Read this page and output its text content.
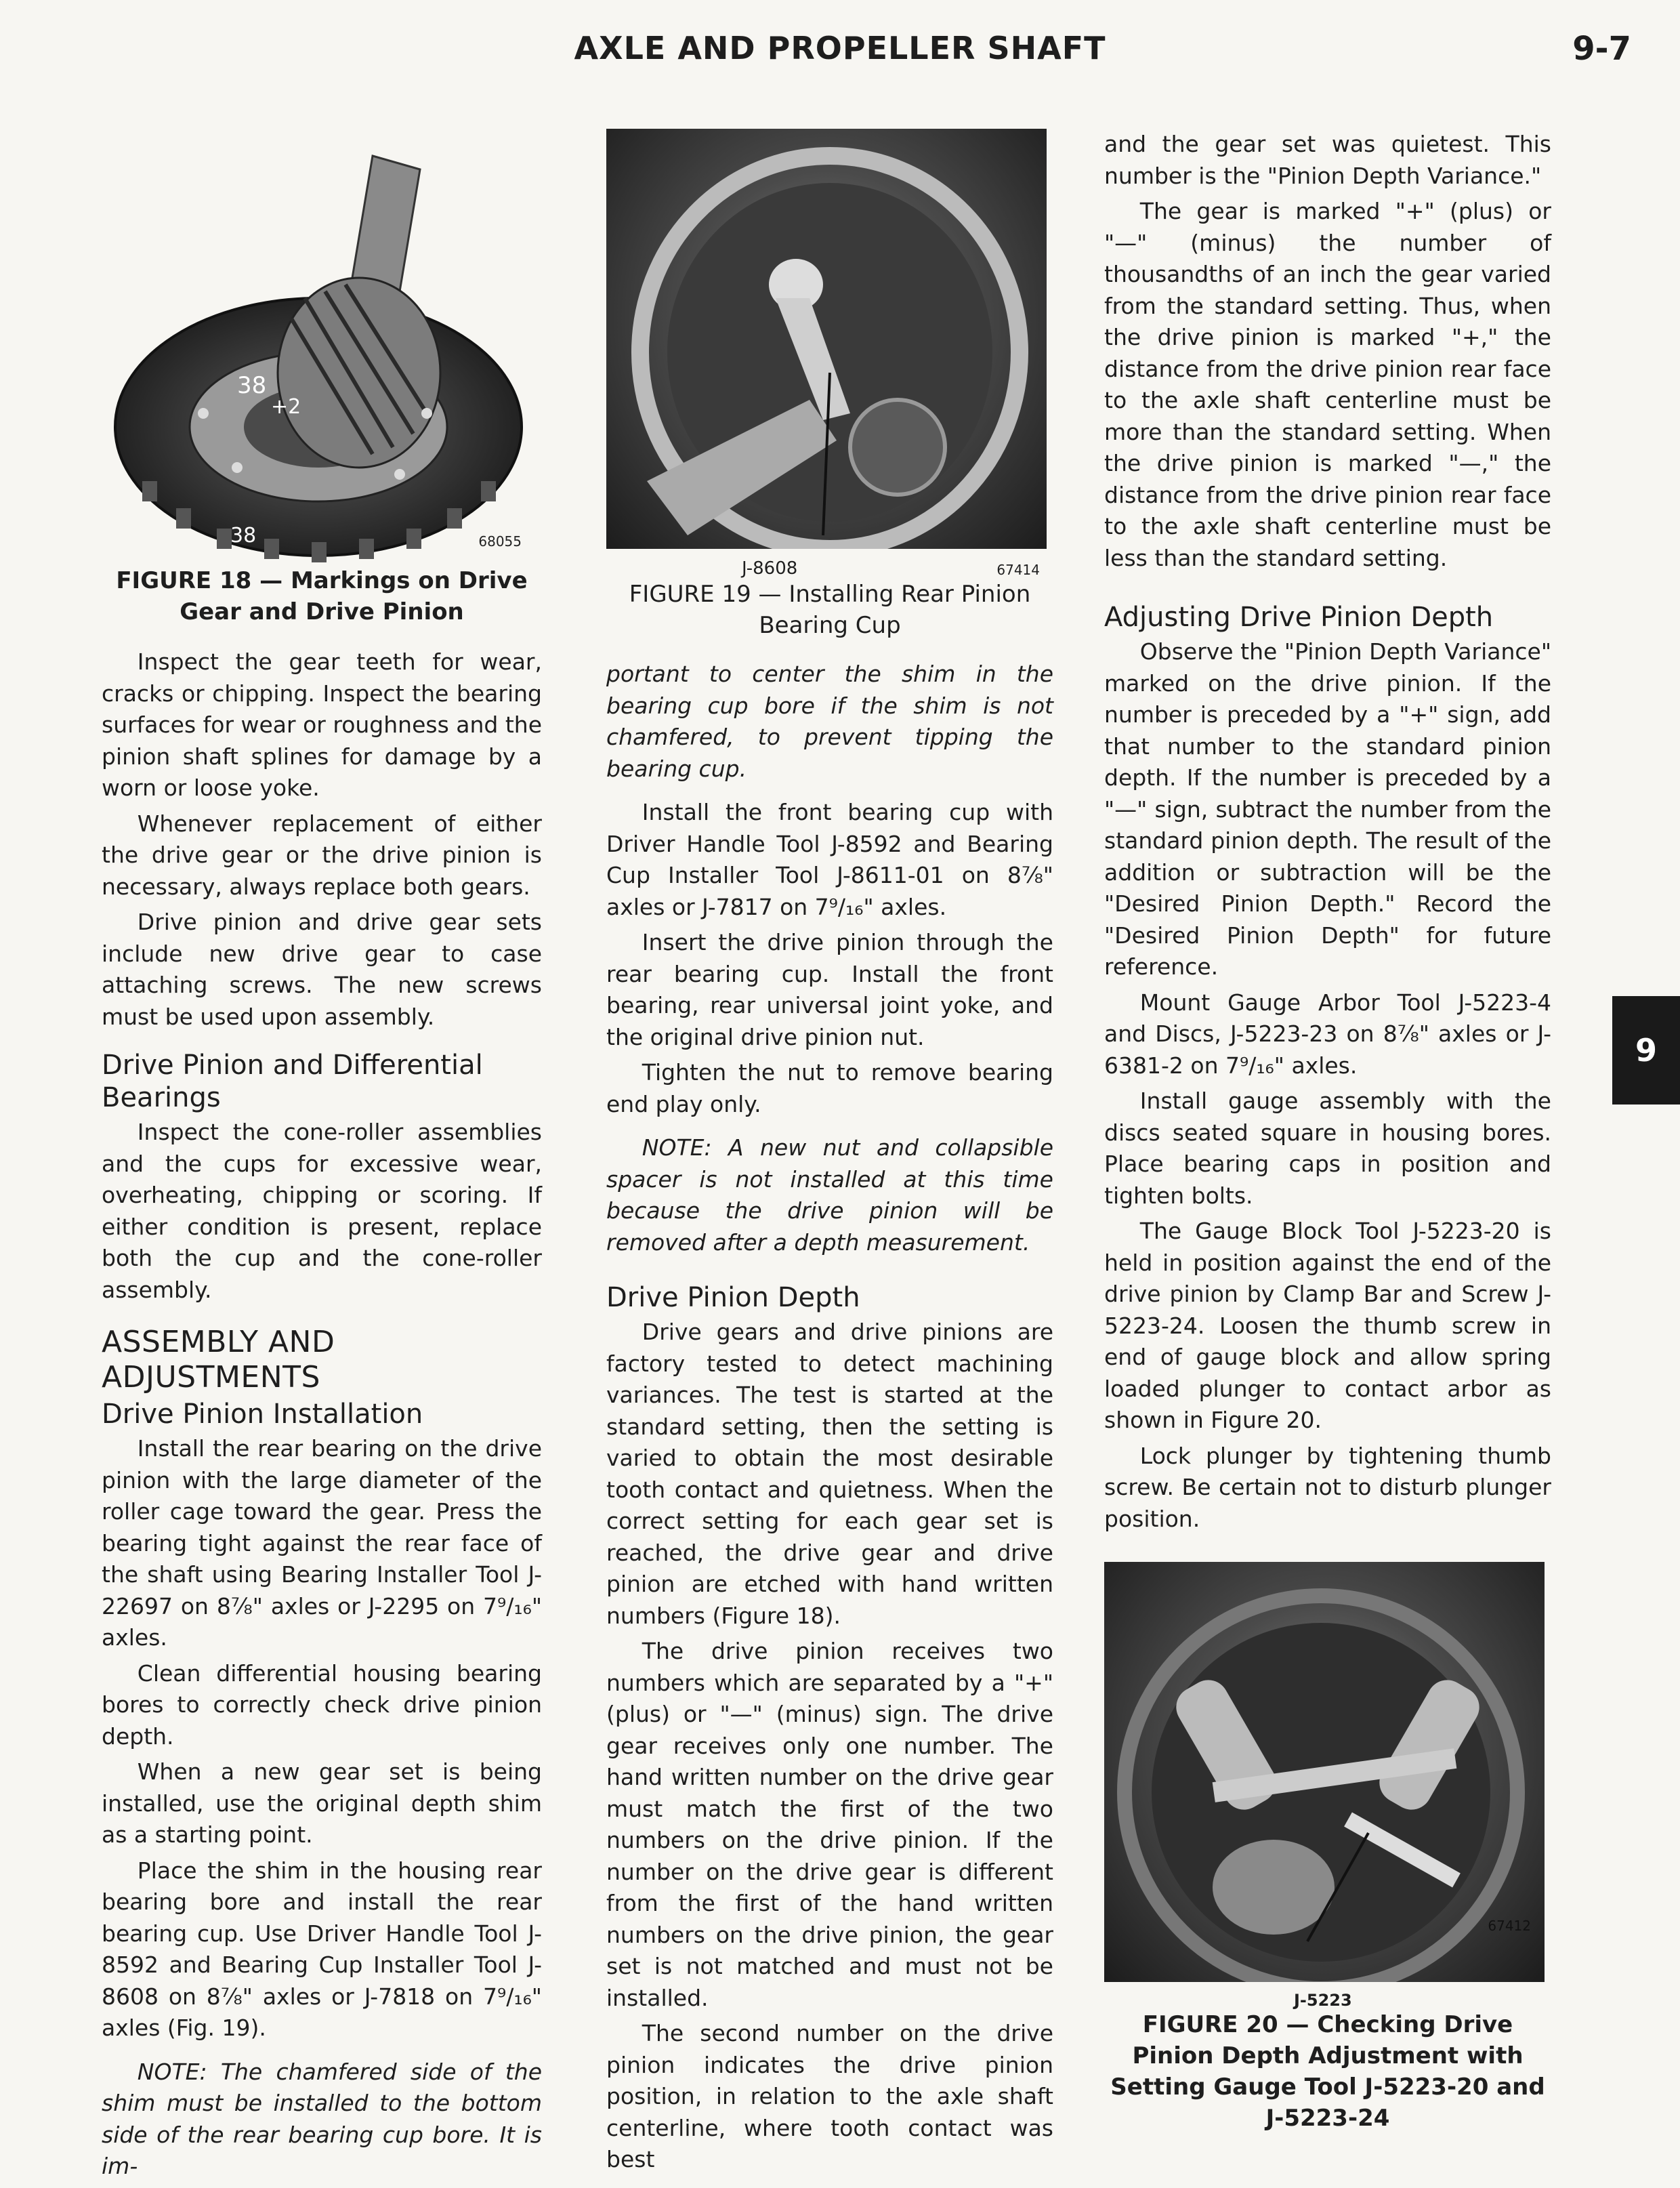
AXLE AND PROPELLER SHAFT	9-7
38
+2
38	68055
FIGURE 18 — Markings on Drive Gear and Drive Pinion

Inspect the gear teeth for wear, cracks or chipping. Inspect the bearing surfaces for wear or roughness and the pinion shaft splines for damage by a worn or loose yoke.

Whenever replacement of either the drive gear or the drive pinion is necessary, always replace both gears.

Drive pinion and drive gear sets include new drive gear to case attaching screws. The new screws must be used upon assembly.

Drive Pinion and Differential Bearings

Inspect the cone-roller assemblies and the cups for excessive wear, overheating, chipping or scoring. If either condition is present, replace both the cup and the cone-roller assembly.

ASSEMBLY AND ADJUSTMENTS
Drive Pinion Installation

Install the rear bearing on the drive pinion with the large diameter of the roller cage toward the gear. Press the bearing tight against the rear face of the shaft using Bearing Installer Tool J-22697 on 8⅞" axles or J-2295 on 7⁹/₁₆" axles.

Clean differential housing bearing bores to correctly check drive pinion depth.

When a new gear set is being installed, use the original depth shim as a starting point.

Place the shim in the housing rear bearing bore and install the rear bearing cup. Use Driver Handle Tool J-8592 and Bearing Cup Installer Tool J-8608 on 8⅞" axles or J-7818 on 7⁹/₁₆" axles (Fig. 19).

NOTE: The chamfered side of the shim must be installed to the bottom side of the rear bearing cup bore. It is im-

J-8608	67414
FIGURE 19 — Installing Rear Pinion Bearing Cup

portant to center the shim in the bearing cup bore if the shim is not chamfered, to prevent tipping the bearing cup.

Install the front bearing cup with Driver Handle Tool J-8592 and Bearing Cup Installer Tool J-8611-01 on 8⅞" axles or J-7817 on 7⁹/₁₆" axles.

Insert the drive pinion through the rear bearing cup. Install the front bearing, rear universal joint yoke, and the original drive pinion nut.

Tighten the nut to remove bearing end play only.

NOTE: A new nut and collapsible spacer is not installed at this time because the drive pinion will be removed after a depth measurement.

Drive Pinion Depth

Drive gears and drive pinions are factory tested to detect machining variances. The test is started at the standard setting, then the setting is varied to obtain the most desirable tooth contact and quietness. When the correct setting for each gear set is reached, the drive gear and drive pinion are etched with hand written numbers (Figure 18).

The drive pinion receives two numbers which are separated by a "+" (plus) or "—" (minus) sign. The drive gear receives only one number. The hand written number on the drive gear must match the first of the two numbers on the drive pinion. If the number on the drive gear is different from the first of the hand written numbers on the drive pinion, the gear set is not matched and must not be installed.

The second number on the drive pinion indicates the drive pinion position, in relation to the axle shaft centerline, where tooth contact was best

and the gear set was quietest. This number is the "Pinion Depth Variance."

The gear is marked "+" (plus) or "—" (minus) the number of thousandths of an inch the gear varied from the standard setting. Thus, when the drive pinion is marked "+," the distance from the drive pinion rear face to the axle shaft centerline must be more than the standard setting. When the drive pinion is marked "—," the distance from the drive pinion rear face to the axle shaft centerline must be less than the standard setting.

Adjusting Drive Pinion Depth

Observe the "Pinion Depth Variance" marked on the drive pinion. If the number is preceded by a "+" sign, add that number to the standard pinion depth. If the number is preceded by a "—" sign, subtract the number from the standard pinion depth. The result of the addition or subtraction will be the "Desired Pinion Depth." Record the "Desired Pinion Depth" for future reference.

Mount Gauge Arbor Tool J-5223-4 and Discs, J-5223-23 on 8⅞" axles or J-6381-2 on 7⁹/₁₆" axles.

Install gauge assembly with the discs seated square in housing bores. Place bearing caps in position and tighten bolts.

The Gauge Block Tool J-5223-20 is held in position against the end of the drive pinion by Clamp Bar and Screw J-5223-24. Loosen the thumb screw in end of gauge block and allow spring loaded plunger to contact arbor as shown in Figure 20.

Lock plunger by tightening thumb screw. Be certain not to disturb plunger position.

67412
J-5223
FIGURE 20 — Checking Drive Pinion Depth Adjustment with Setting Gauge Tool J-5223-20 and J-5223-24
9
